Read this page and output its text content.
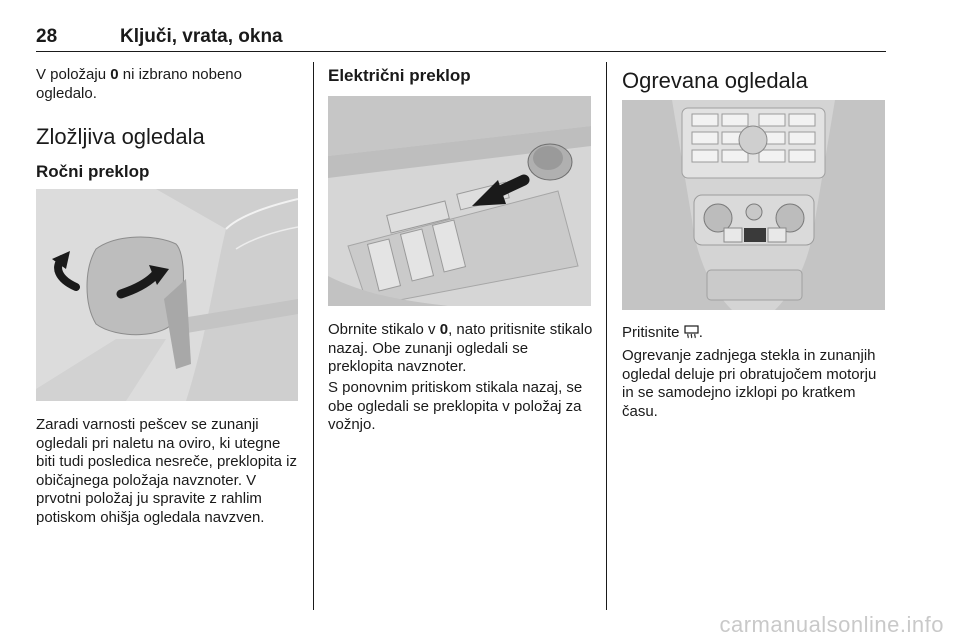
28	Ključi, vrata, okna

V položaju 0 ni izbrano nobeno ogledalo.

Zložljiva ogledala
Ročni preklop

Zaradi varnosti pešcev se zunanji ogledali pri naletu na oviro, ki utegne biti tudi posledica nesreče, preklopita iz običajnega položaja navznoter. V prvotni položaj ju spravite z rahlim potiskom ohišja ogledala navzven.

Električni preklop

Obrnite stikalo v 0, nato pritisnite stikalo nazaj. Obe zunanji ogledali se preklopita navznoter.

S ponovnim pritiskom stikala nazaj, se obe ogledali se preklopita v položaj za vožnjo.

Ogrevana ogledala

Pritisnite .

Ogrevanje zadnjega stekla in zunanjih ogledal deluje pri obratujočem motorju in se samodejno izklopi po kratkem času.

carmanualsonline.info
